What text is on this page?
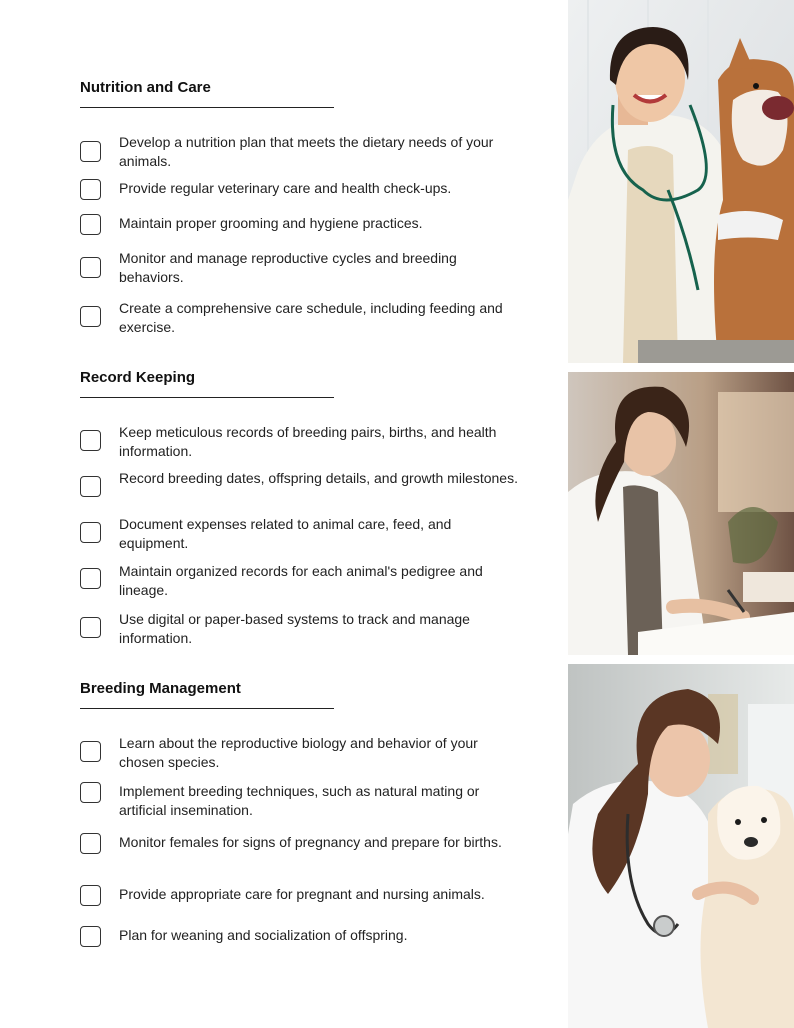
Nutrition and Care
Develop a nutrition plan that meets the dietary needs of your animals.
Provide regular veterinary care and health check-ups.
Maintain proper grooming and hygiene practices.
Monitor and manage reproductive cycles and breeding behaviors.
Create a comprehensive care schedule, including feeding and exercise.
Record Keeping
Keep meticulous records of breeding pairs, births, and health information.
Record breeding dates, offspring details, and growth milestones.
Document expenses related to animal care, feed, and equipment.
Maintain organized records for each animal's pedigree and lineage.
Use digital or paper-based systems to track and manage information.
Breeding Management
Learn about the reproductive biology and behavior of your chosen species.
Implement breeding techniques, such as natural mating or artificial insemination.
Monitor females for signs of pregnancy and prepare for births.
Provide appropriate care for pregnant and nursing animals.
Plan for weaning and socialization of offspring.
